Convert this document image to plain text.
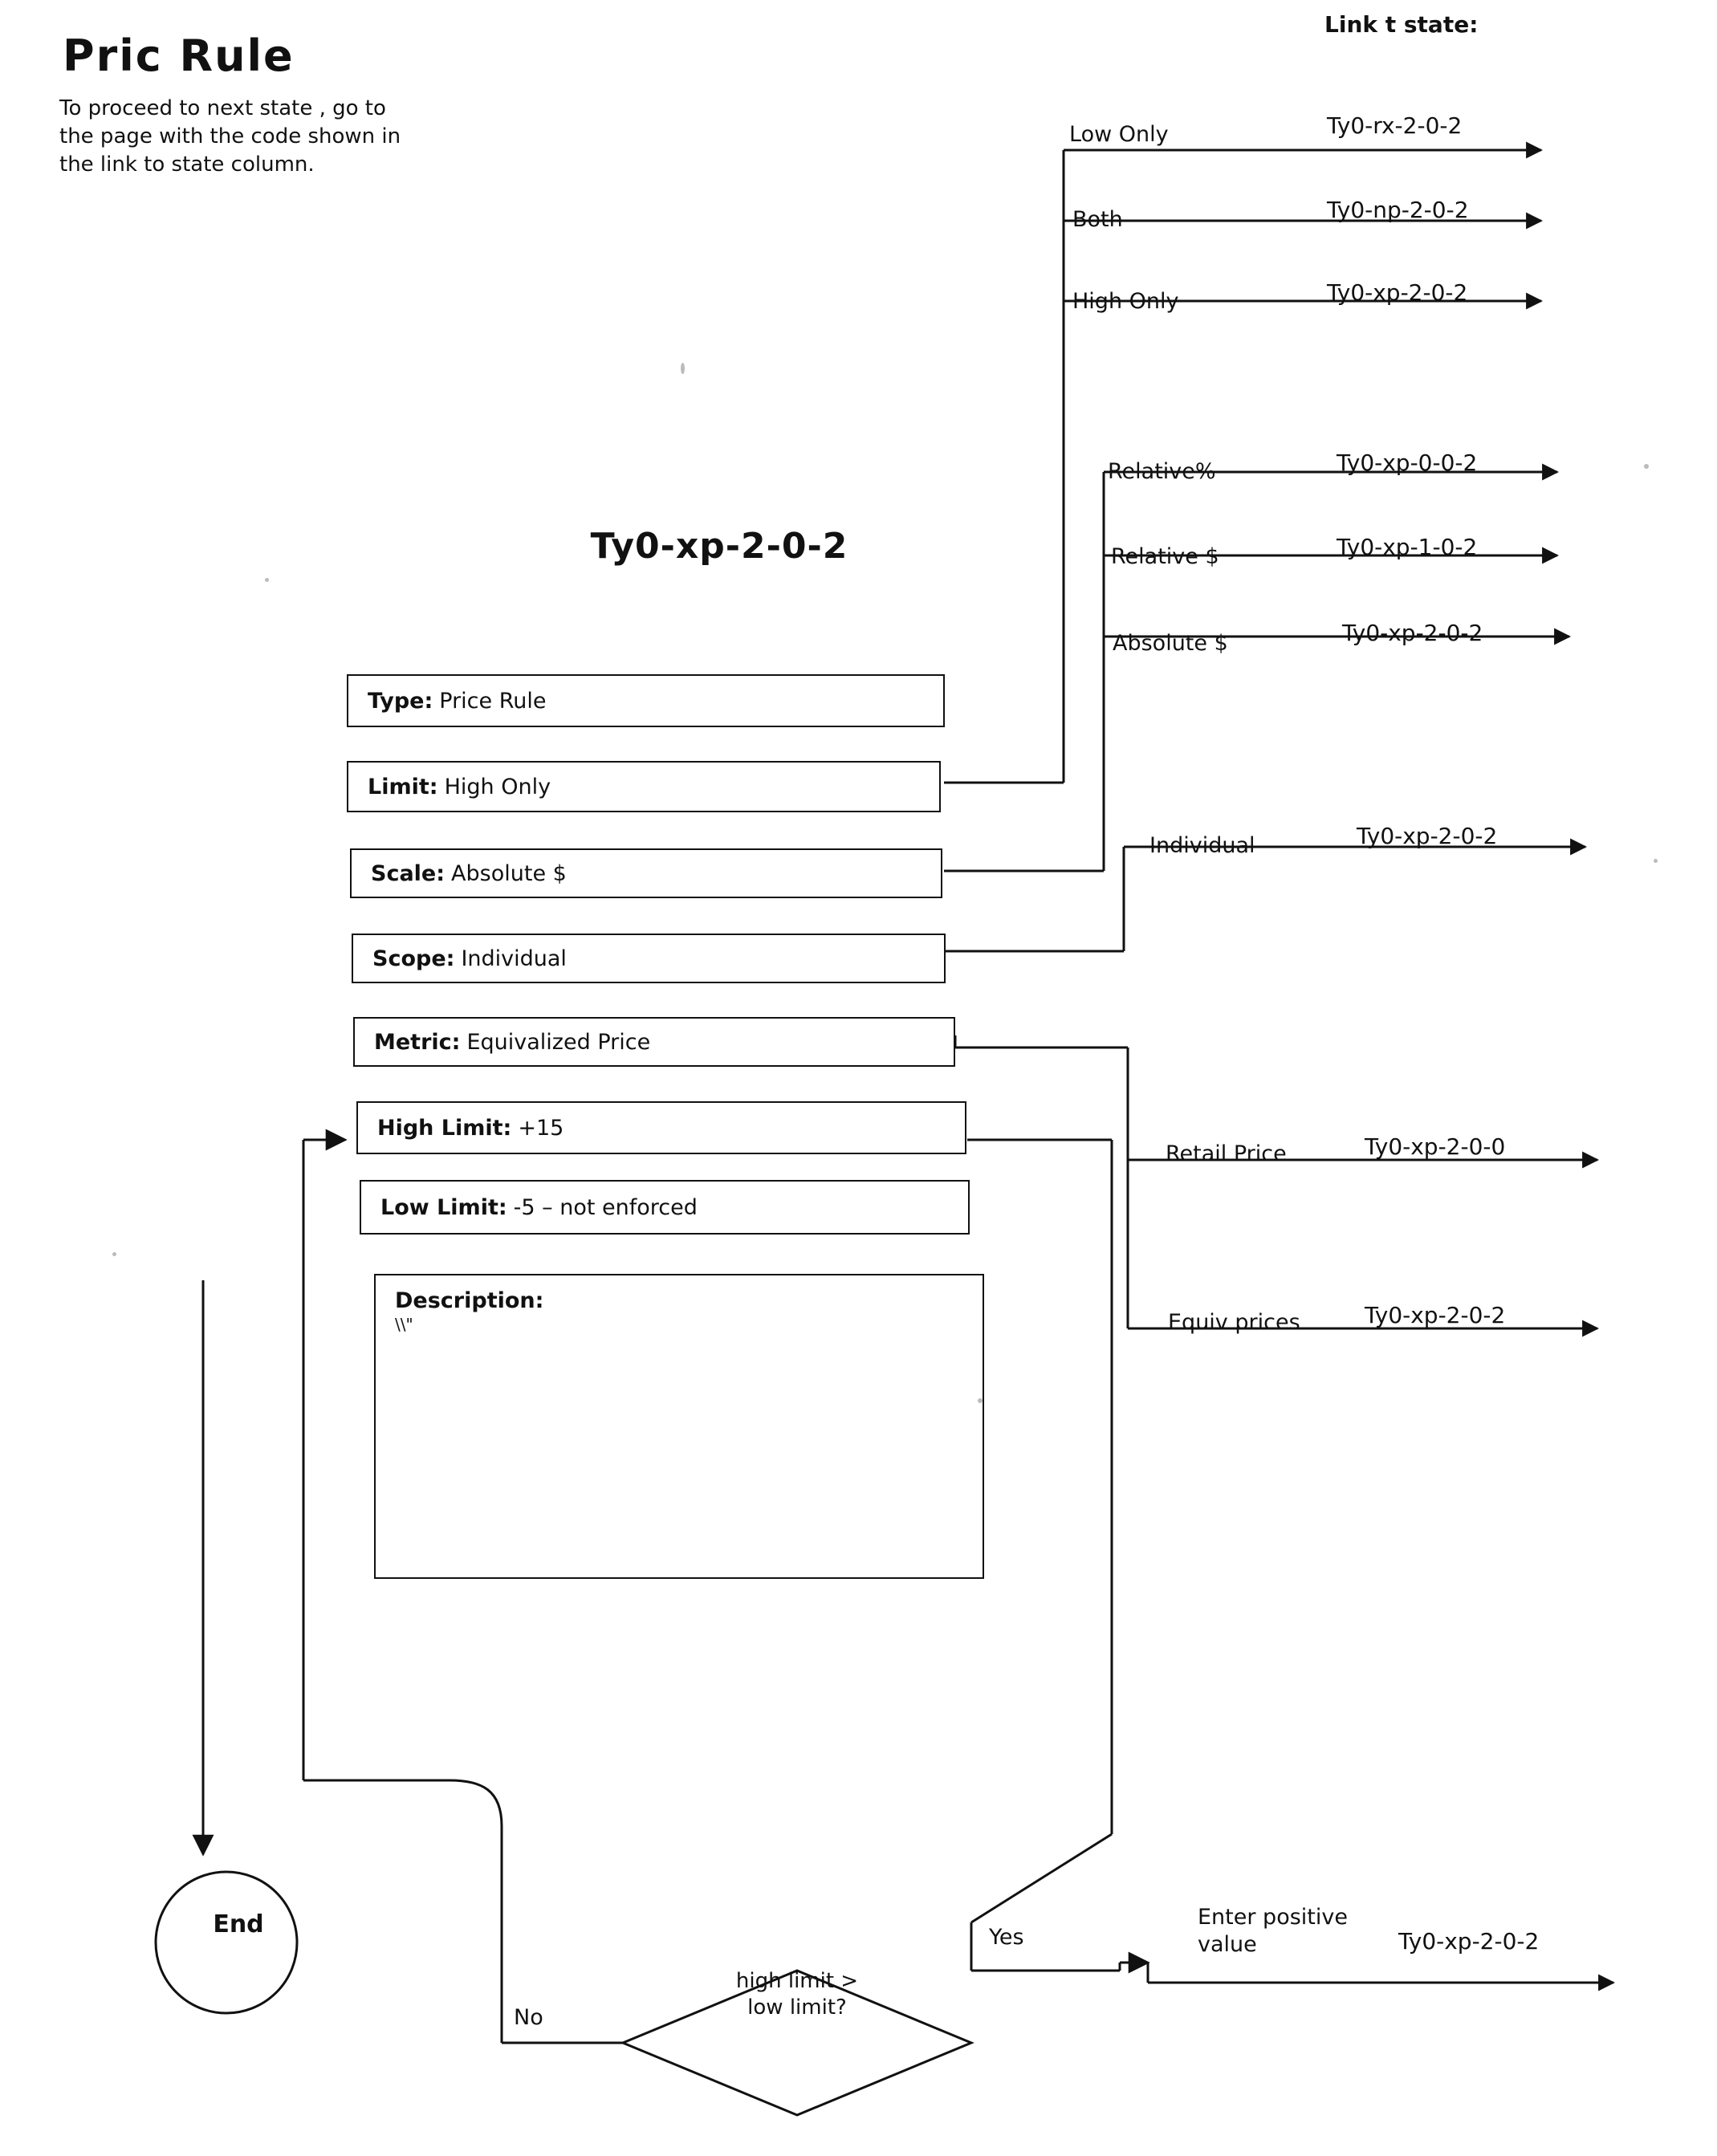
Pric Rule
To proceed to next state , go to the page with the code shown in the link to state column.
Link t state:
Ty0-xp-2-0-2
Type: Price Rule
Limit: High Only
Scale: Absolute $
Scope: Individual
Metric: Equivalized Price
High Limit: +15
Low Limit: -5 – not enforced
Description:
\\"
Low Only	Ty0-rx-2-0-2
Both	Ty0-np-2-0-2
High Only	Ty0-xp-2-0-2
Relative%	Ty0-xp-0-0-2
Relative $	Ty0-xp-1-0-2
Absolute $	Ty0-xp-2-0-2
Individual	Ty0-xp-2-0-2
Retail Price	Ty0-xp-2-0-0
Equiv prices	Ty0-xp-2-0-2
End
high limit >
low limit?
Yes
No
Enter positive
value	Ty0-xp-2-0-2
